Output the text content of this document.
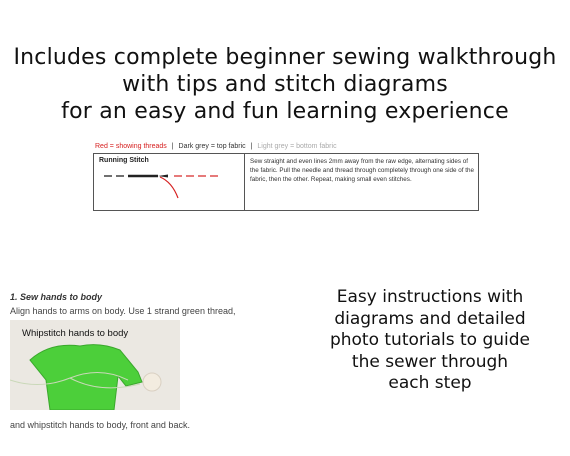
Includes complete beginner sewing walkthrough
with tips and stitch diagrams
for an easy and fun learning experience
Red = showing threads | Dark grey = top fabric | Light grey = bottom fabric
Running Stitch	Sew straight and even lines 2mm away from the raw edge, alternating sides of the fabric. Pull the needle and thread through completely through one side of the fabric, then the other. Repeat, making small even stitches.
1. Sew hands to body
Align hands to arms on body. Use 1 strand green thread,
Whipstitch hands to body
and whipstitch hands to body, front and back.
Easy instructions with
diagrams and detailed
photo tutorials to guide
the sewer through
each step
